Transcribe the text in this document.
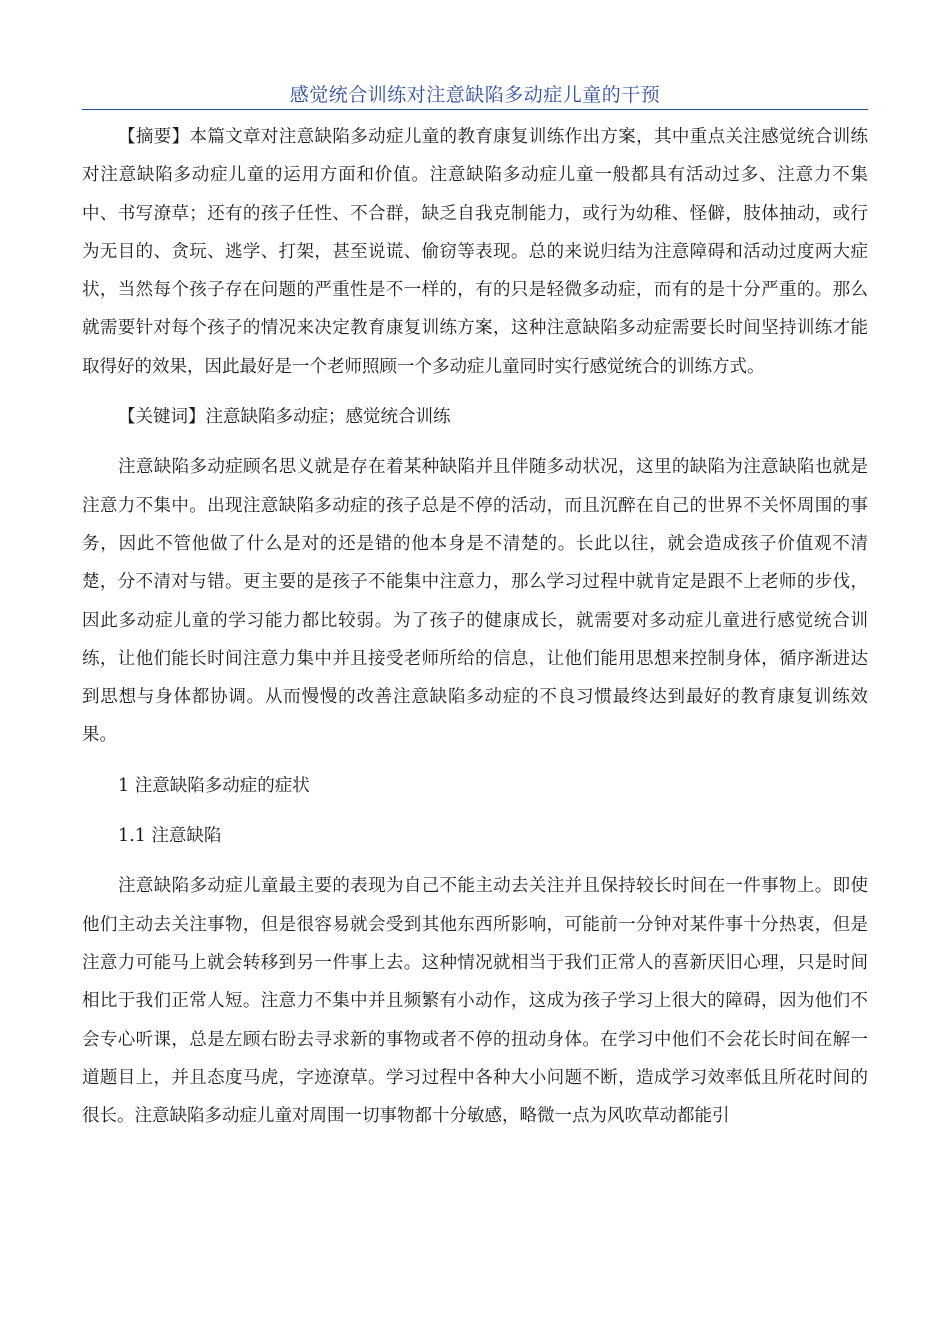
感觉统合训练对注意缺陷多动症儿童的干预

【摘要】本篇文章对注意缺陷多动症儿童的教育康复训练作出方案，其中重点关注感觉统合训练对注意缺陷多动症儿童的运用方面和价值。注意缺陷多动症儿童一般都具有活动过多、注意力不集中、书写潦草；还有的孩子任性、不合群，缺乏自我克制能力，或行为幼稚、怪僻，肢体抽动，或行为无目的、贪玩、逃学、打架，甚至说谎、偷窃等表现。总的来说归结为注意障碍和活动过度两大症状，当然每个孩子存在问题的严重性是不一样的，有的只是轻微多动症，而有的是十分严重的。那么就需要针对每个孩子的情况来决定教育康复训练方案，这种注意缺陷多动症需要长时间坚持训练才能取得好的效果，因此最好是一个老师照顾一个多动症儿童同时实行感觉统合的训练方式。

【关键词】注意缺陷多动症；感觉统合训练

注意缺陷多动症顾名思义就是存在着某种缺陷并且伴随多动状况，这里的缺陷为注意缺陷也就是注意力不集中。出现注意缺陷多动症的孩子总是不停的活动，而且沉醉在自己的世界不关怀周围的事务，因此不管他做了什么是对的还是错的他本身是不清楚的。长此以往，就会造成孩子价值观不清楚，分不清对与错。更主要的是孩子不能集中注意力，那么学习过程中就肯定是跟不上老师的步伐，因此多动症儿童的学习能力都比较弱。为了孩子的健康成长，就需要对多动症儿童进行感觉统合训练，让他们能长时间注意力集中并且接受老师所给的信息，让他们能用思想来控制身体，循序渐进达到思想与身体都协调。从而慢慢的改善注意缺陷多动症的不良习惯最终达到最好的教育康复训练效果。

1 注意缺陷多动症的症状

1.1 注意缺陷

注意缺陷多动症儿童最主要的表现为自己不能主动去关注并且保持较长时间在一件事物上。即使他们主动去关注事物，但是很容易就会受到其他东西所影响，可能前一分钟对某件事十分热衷，但是注意力可能马上就会转移到另一件事上去。这种情况就相当于我们正常人的喜新厌旧心理，只是时间相比于我们正常人短。注意力不集中并且频繁有小动作，这成为孩子学习上很大的障碍，因为他们不会专心听课，总是左顾右盼去寻求新的事物或者不停的扭动身体。在学习中他们不会花长时间在解一道题目上，并且态度马虎，字迹潦草。学习过程中各种大小问题不断，造成学习效率低且所花时间的很长。注意缺陷多动症儿童对周围一切事物都十分敏感，略微一点为风吹草动都能引
